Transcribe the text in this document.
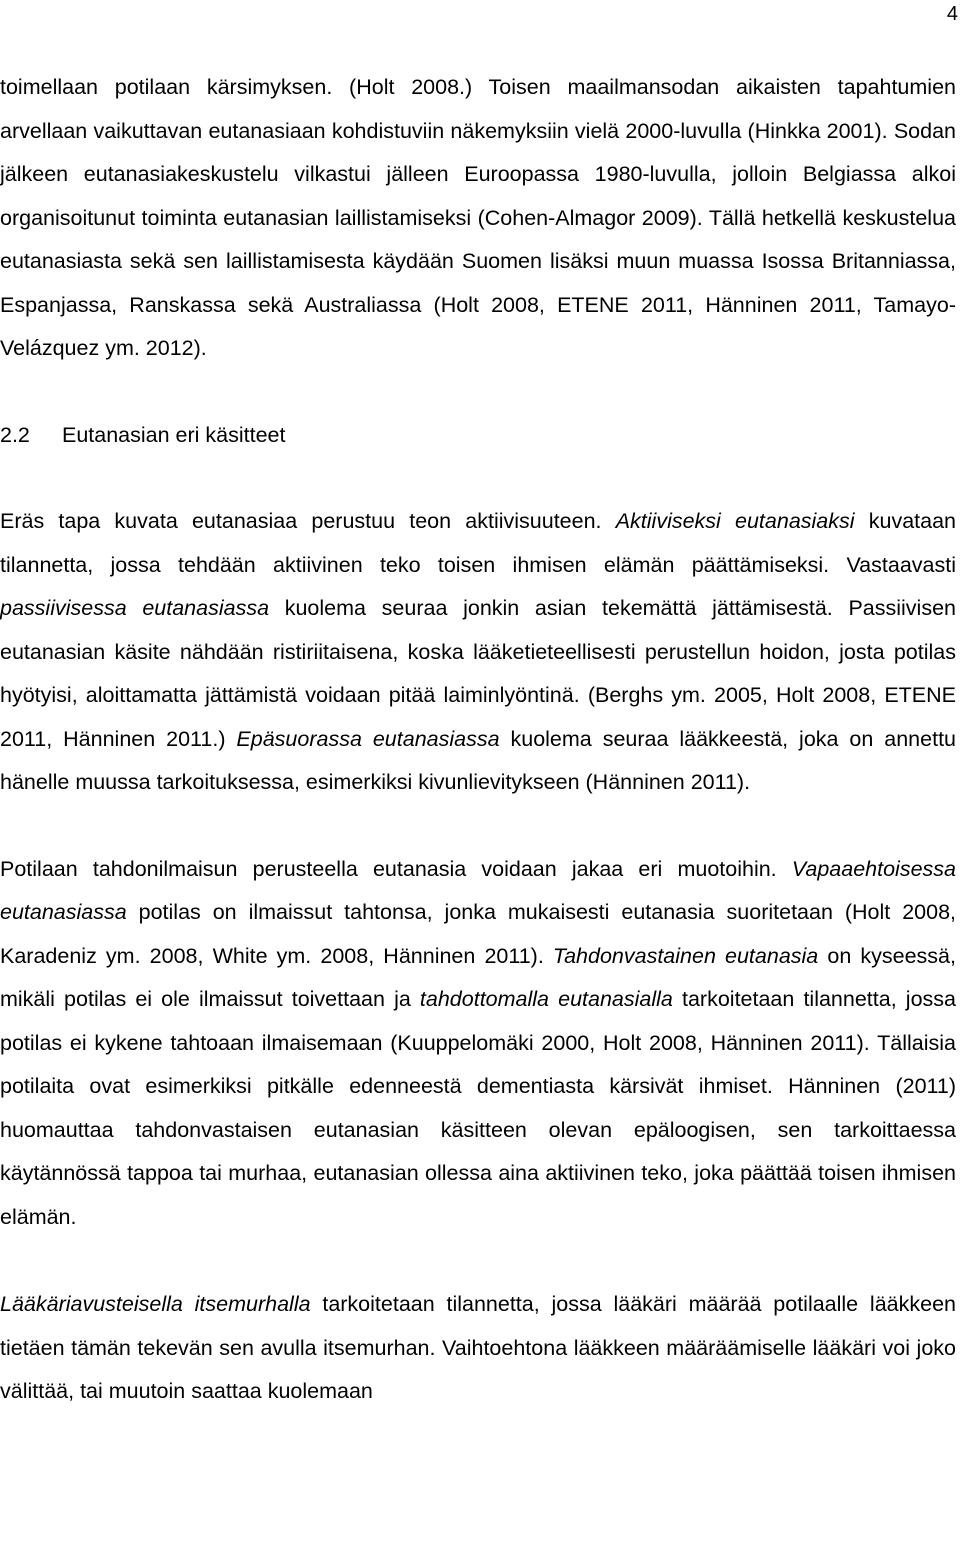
4

toimellaan potilaan kärsimyksen. (Holt 2008.) Toisen maailmansodan aikaisten tapahtumien arvellaan vaikuttavan eutanasiaan kohdistuviin näkemyksiin vielä 2000-luvulla (Hinkka 2001). Sodan jälkeen eutanasiakeskustelu vilkastui jälleen Euroopassa 1980-luvulla, jolloin Belgiassa alkoi organisoitunut toiminta eutanasian laillistamiseksi (Cohen-Almagor 2009). Tällä hetkellä keskustelua eutanasiasta sekä sen laillistamisesta käydään Suomen lisäksi muun muassa Isossa Britanniassa, Espanjassa, Ranskassa sekä Australiassa (Holt 2008, ETENE 2011, Hänninen 2011, Tamayo-Velázquez ym. 2012).

2.2 Eutanasian eri käsitteet

Eräs tapa kuvata eutanasiaa perustuu teon aktiivisuuteen. Aktiiviseksi eutanasiaksi kuvataan tilannetta, jossa tehdään aktiivinen teko toisen ihmisen elämän päättämiseksi. Vastaavasti passiivisessa eutanasiassa kuolema seuraa jonkin asian tekemättä jättämisestä. Passiivisen eutanasian käsite nähdään ristiriitaisena, koska lääketieteellisesti perustellun hoidon, josta potilas hyötyisi, aloittamatta jättämistä voidaan pitää laiminlyöntinä. (Berghs ym. 2005, Holt 2008, ETENE 2011, Hänninen 2011.) Epäsuorassa eutanasiassa kuolema seuraa lääkkeestä, joka on annettu hänelle muussa tarkoituksessa, esimerkiksi kivunlievitykseen (Hänninen 2011).

Potilaan tahdonilmaisun perusteella eutanasia voidaan jakaa eri muotoihin. Vapaaehtoisessa eutanasiassa potilas on ilmaissut tahtonsa, jonka mukaisesti eutanasia suoritetaan (Holt 2008, Karadeniz ym. 2008, White ym. 2008, Hänninen 2011). Tahdonvastainen eutanasia on kyseessä, mikäli potilas ei ole ilmaissut toivettaan ja tahdottomalla eutanasialla tarkoitetaan tilannetta, jossa potilas ei kykene tahtoaan ilmaisemaan (Kuuppelomäki 2000, Holt 2008, Hänninen 2011). Tällaisia potilaita ovat esimerkiksi pitkälle edenneestä dementiasta kärsivät ihmiset. Hänninen (2011) huomauttaa tahdonvastaisen eutanasian käsitteen olevan epäloogisen, sen tarkoittaessa käytännössä tappoa tai murhaa, eutanasian ollessa aina aktiivinen teko, joka päättää toisen ihmisen elämän.

Lääkäriavusteisella itsemurhalla tarkoitetaan tilannetta, jossa lääkäri määrää potilaalle lääkkeen tietäen tämän tekevän sen avulla itsemurhan. Vaihtoehtona lääkkeen määräämiselle lääkäri voi joko välittää, tai muutoin saattaa kuolemaan
